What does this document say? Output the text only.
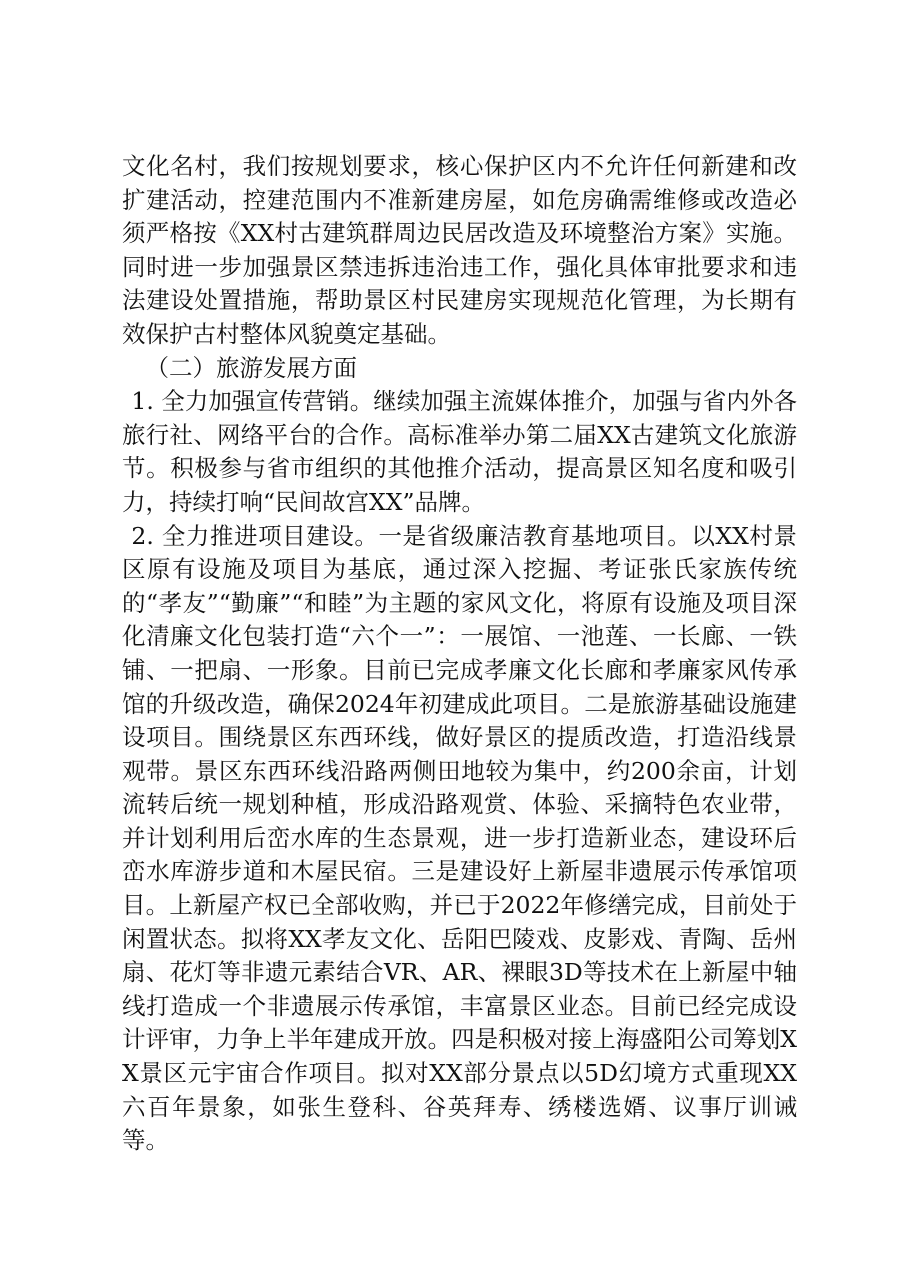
文化名村，我们按规划要求，核心保护区内不允许任何新建和改扩建活动，控建范围内不准新建房屋，如危房确需维修或改造必须严格按《XX村古建筑群周边民居改造及环境整治方案》实施。同时进一步加强景区禁违拆违治违工作，强化具体审批要求和违法建设处置措施，帮助景区村民建房实现规范化管理，为长期有效保护古村整体风貌奠定基础。

（二）旅游发展方面

1. 全力加强宣传营销。继续加强主流媒体推介，加强与省内外各旅行社、网络平台的合作。高标准举办第二届XX古建筑文化旅游节。积极参与省市组织的其他推介活动，提高景区知名度和吸引力，持续打响“民间故宫XX”品牌。

2. 全力推进项目建设。一是省级廉洁教育基地项目。以XX村景区原有设施及项目为基底，通过深入挖掘、考证张氏家族传统的“孝友”“勤廉”“和睦”为主题的家风文化，将原有设施及项目深化清廉文化包装打造“六个一”：一展馆、一池莲、一长廊、一铁铺、一把扇、一形象。目前已完成孝廉文化长廊和孝廉家风传承馆的升级改造，确保2024年初建成此项目。二是旅游基础设施建设项目。围绕景区东西环线，做好景区的提质改造，打造沿线景观带。景区东西环线沿路两侧田地较为集中，约200余亩，计划流转后统一规划种植，形成沿路观赏、体验、采摘特色农业带，并计划利用后峦水库的生态景观，进一步打造新业态，建设环后峦水库游步道和木屋民宿。三是建设好上新屋非遗展示传承馆项目。上新屋产权已全部收购，并已于2022年修缮完成，目前处于闲置状态。拟将XX孝友文化、岳阳巴陵戏、皮影戏、青陶、岳州扇、花灯等非遗元素结合VR、AR、裸眼3D等技术在上新屋中轴线打造成一个非遗展示传承馆，丰富景区业态。目前已经完成设计评审，力争上半年建成开放。四是积极对接上海盛阳公司筹划XX景区元宇宙合作项目。拟对XX部分景点以5D幻境方式重现XX六百年景象，如张生登科、谷英拜寿、绣楼选婿、议事厅训诫等。
